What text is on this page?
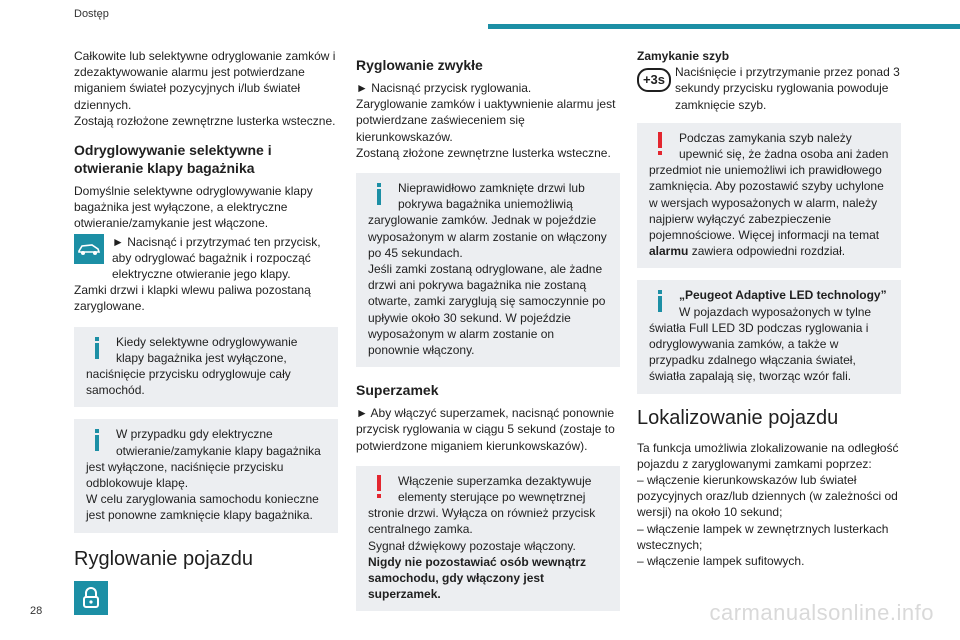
Dostęp

Całkowite lub selektywne odryglowanie zamków i zdezaktywowanie alarmu jest potwierdzane miganiem świateł pozycyjnych i/lub świateł dziennych.

Zostają rozłożone zewnętrzne lusterka wsteczne.

Odryglowywanie selektywne i otwieranie klapy bagażnika

Domyślnie selektywne odryglowywanie klapy bagażnika jest wyłączone, a elektryczne otwieranie/zamykanie jest włączone.

► Nacisnąć i przytrzymać ten przycisk, aby odryglować bagażnik i rozpocząć elektryczne otwieranie jego klapy.

Zamki drzwi i klapki wlewu paliwa pozostaną zaryglowane.

Kiedy selektywne odryglowywanie klapy bagażnika jest wyłączone, naciśnięcie przycisku odryglowuje cały samochód.

W przypadku gdy elektryczne otwieranie/zamykanie klapy bagażnika jest wyłączone, naciśnięcie przycisku odblokowuje klapę.

W celu zaryglowania samochodu konieczne jest ponowne zamknięcie klapy bagażnika.

Ryglowanie pojazdu

Ryglowanie zwykłe

► Nacisnąć przycisk ryglowania.

Zaryglowanie zamków i uaktywnienie alarmu jest potwierdzane zaświeceniem się kierunkowskazów.

Zostaną złożone zewnętrzne lusterka wsteczne.

Nieprawidłowo zamknięte drzwi lub pokrywa bagażnika uniemożliwią zaryglowanie zamków. Jednak w pojeździe wyposażonym w alarm zostanie on włączony po 45 sekundach.

Jeśli zamki zostaną odryglowane, ale żadne drzwi ani pokrywa bagażnika nie zostaną otwarte, zamki zaryglują się samoczynnie po upływie około 30 sekund. W pojeździe wyposażonym w alarm zostanie on ponownie włączony.

Superzamek

► Aby włączyć superzamek, nacisnąć ponownie przycisk ryglowania w ciągu 5 sekund (zostaje to potwierdzone miganiem kierunkowskazów).

Włączenie superzamka dezaktywuje elementy sterujące po wewnętrznej stronie drzwi. Wyłącza on również przycisk centralnego zamka.

Sygnał dźwiękowy pozostaje włączony.

Nigdy nie pozostawiać osób wewnątrz samochodu, gdy włączony jest superzamek.

Zamykanie szyb

+3s Naciśnięcie i przytrzymanie przez ponad 3 sekundy przycisku ryglowania powoduje zamknięcie szyb.

Podczas zamykania szyb należy upewnić się, że żadna osoba ani żaden przedmiot nie uniemożliwi ich prawidłowego zamknięcia. Aby pozostawić szyby uchylone w wersjach wyposażonych w alarm, należy najpierw wyłączyć zabezpieczenie pojemnościowe. Więcej informacji na temat alarmu zawiera odpowiedni rozdział.

„Peugeot Adaptive LED technology”

W pojazdach wyposażonych w tylne światła Full LED 3D podczas ryglowania i odryglowywania zamków, a także w przypadku zdalnego włączania świateł, światła zapalają się, tworząc wzór fali.

Lokalizowanie pojazdu

Ta funkcja umożliwia zlokalizowanie na odległość pojazdu z zaryglowanymi zamkami poprzez:

– włączenie kierunkowskazów lub świateł pozycyjnych oraz/lub dziennych (w zależności od wersji) na około 10 sekund;

– włączenie lampek w zewnętrznych lusterkach wstecznych;

– włączenie lampek sufitowych.

28	carmanualsonline.info
